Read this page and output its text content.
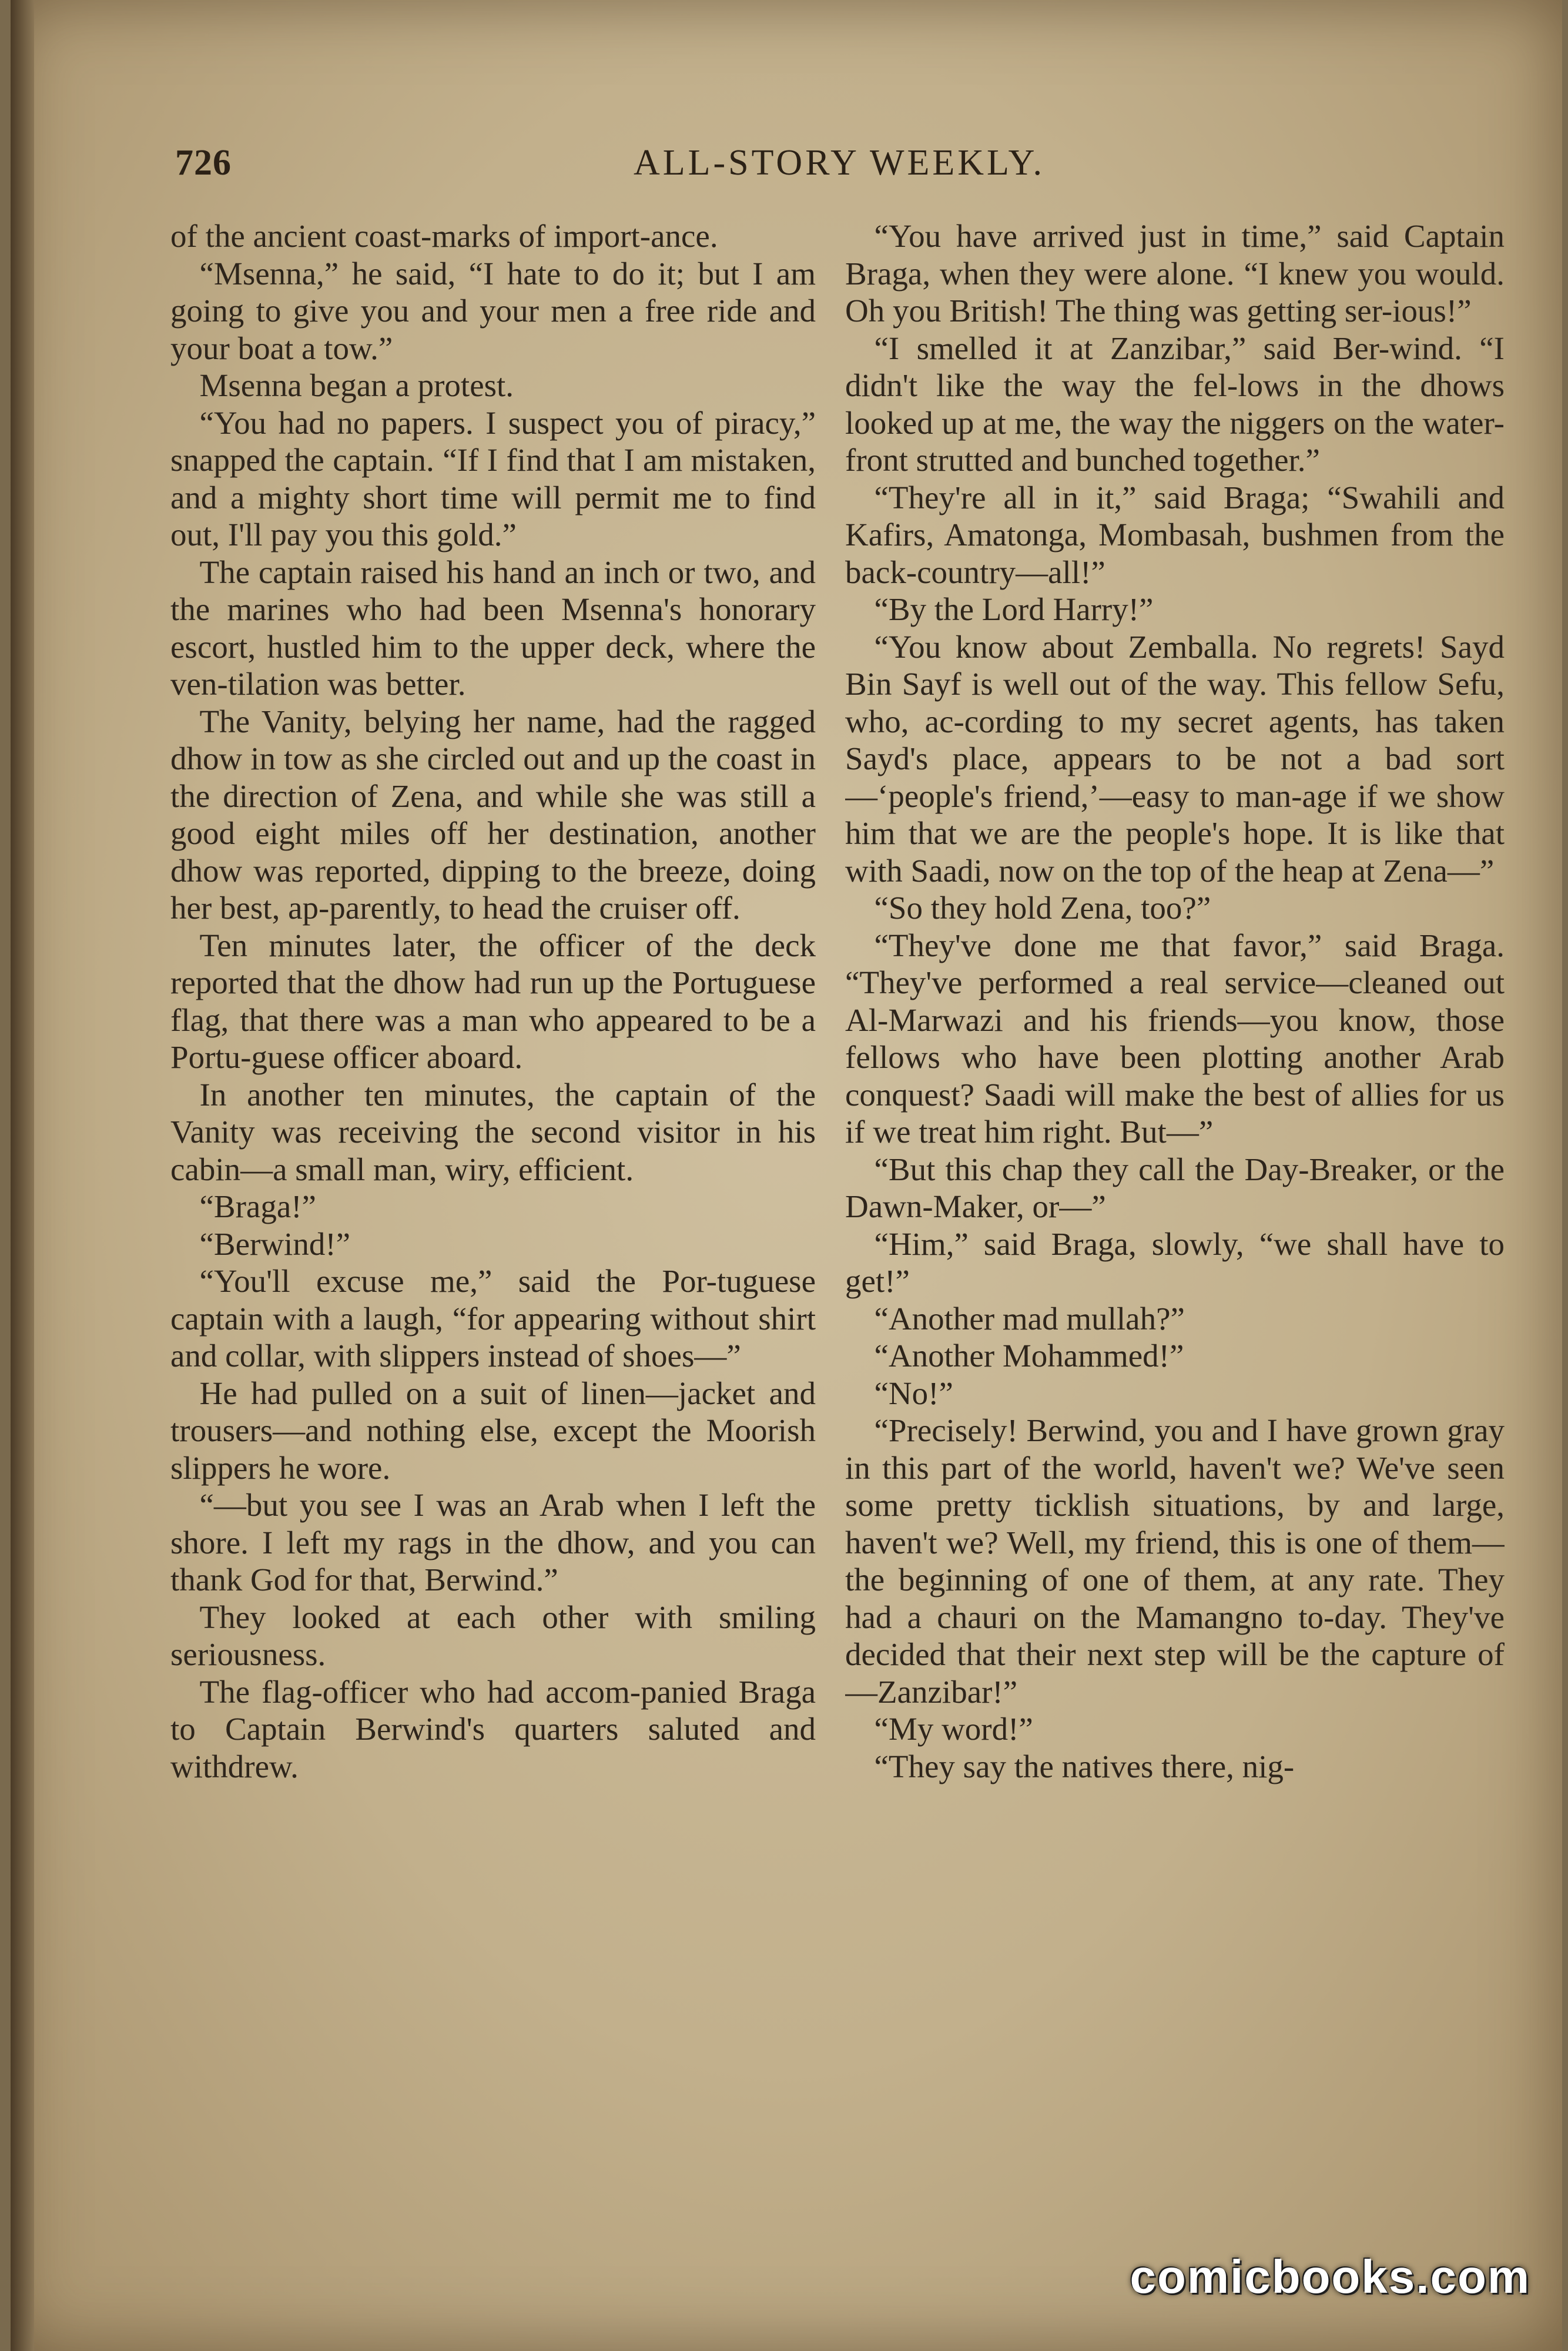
726	ALL-STORY WEEKLY.

of the ancient coast-marks of import-ance.

“Msenna,” he said, “I hate to do it; but I am going to give you and your men a free ride and your boat a tow.”

Msenna began a protest.

“You had no papers. I suspect you of piracy,” snapped the captain. “If I find that I am mistaken, and a mighty short time will permit me to find out, I'll pay you this gold.”

The captain raised his hand an inch or two, and the marines who had been Msenna's honorary escort, hustled him to the upper deck, where the ven-tilation was better.

The Vanity, belying her name, had the ragged dhow in tow as she circled out and up the coast in the direction of Zena, and while she was still a good eight miles off her destination, another dhow was reported, dipping to the breeze, doing her best, ap-parently, to head the cruiser off.

Ten minutes later, the officer of the deck reported that the dhow had run up the Portuguese flag, that there was a man who appeared to be a Portu-guese officer aboard.

In another ten minutes, the captain of the Vanity was receiving the second visitor in his cabin—a small man, wiry, efficient.

“Braga!”

“Berwind!”

“You'll excuse me,” said the Por-tuguese captain with a laugh, “for appearing without shirt and collar, with slippers instead of shoes—”

He had pulled on a suit of linen—jacket and trousers—and nothing else, except the Moorish slippers he wore.

“—but you see I was an Arab when I left the shore. I left my rags in the dhow, and you can thank God for that, Berwind.”

They looked at each other with smiling seriousness.

The flag-officer who had accom-panied Braga to Captain Berwind's quarters saluted and withdrew.

“You have arrived just in time,” said Captain Braga, when they were alone. “I knew you would. Oh you British! The thing was getting ser-ious!”

“I smelled it at Zanzibar,” said Ber-wind. “I didn't like the way the fel-lows in the dhows looked up at me, the way the niggers on the water-front strutted and bunched together.”

“They're all in it,” said Braga; “Swahili and Kafirs, Amatonga, Mombasah, bushmen from the back-country—all!”

“By the Lord Harry!”

“You know about Zemballa. No regrets! Sayd Bin Sayf is well out of the way. This fellow Sefu, who, ac-cording to my secret agents, has taken Sayd's place, appears to be not a bad sort—‘people's friend,’—easy to man-age if we show him that we are the people's hope. It is like that with Saadi, now on the top of the heap at Zena—”

“So they hold Zena, too?”

“They've done me that favor,” said Braga. “They've performed a real service—cleaned out Al-Marwazi and his friends—you know, those fellows who have been plotting another Arab conquest? Saadi will make the best of allies for us if we treat him right. But—”

“But this chap they call the Day-Breaker, or the Dawn-Maker, or—”

“Him,” said Braga, slowly, “we shall have to get!”

“Another mad mullah?”

“Another Mohammed!”

“No!”

“Precisely! Berwind, you and I have grown gray in this part of the world, haven't we? We've seen some pretty ticklish situations, by and large, haven't we? Well, my friend, this is one of them—the beginning of one of them, at any rate. They had a chauri on the Mamangno to-day. They've decided that their next step will be the capture of—Zanzibar!”

“My word!”

“They say the natives there, nig-

comicbooks.com
